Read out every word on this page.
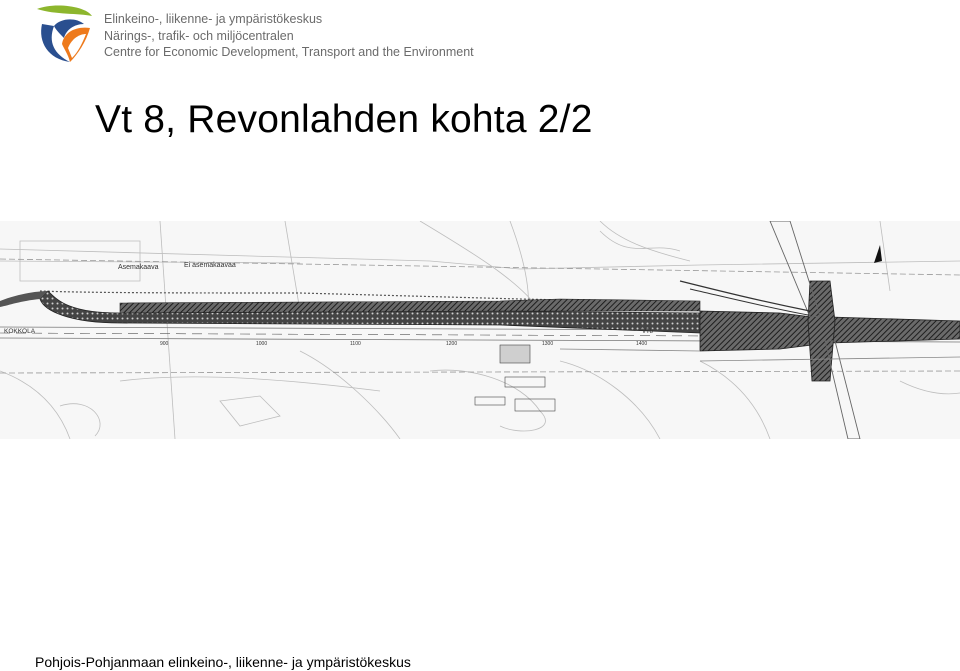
Elinkeino-, liikenne- ja ympäristökeskus
Närings-, trafik- och miljöcentralen
Centre for Economic Development, Transport and the Environment
Vt 8, Revonlahden kohta 2/2
Asemakaava	Ei asemakaavaa
KOKKOLA	VT8
900	1000	1100	1200	1300	1400
Pohjois-Pohjanmaan elinkeino-, liikenne- ja ympäristökeskus
